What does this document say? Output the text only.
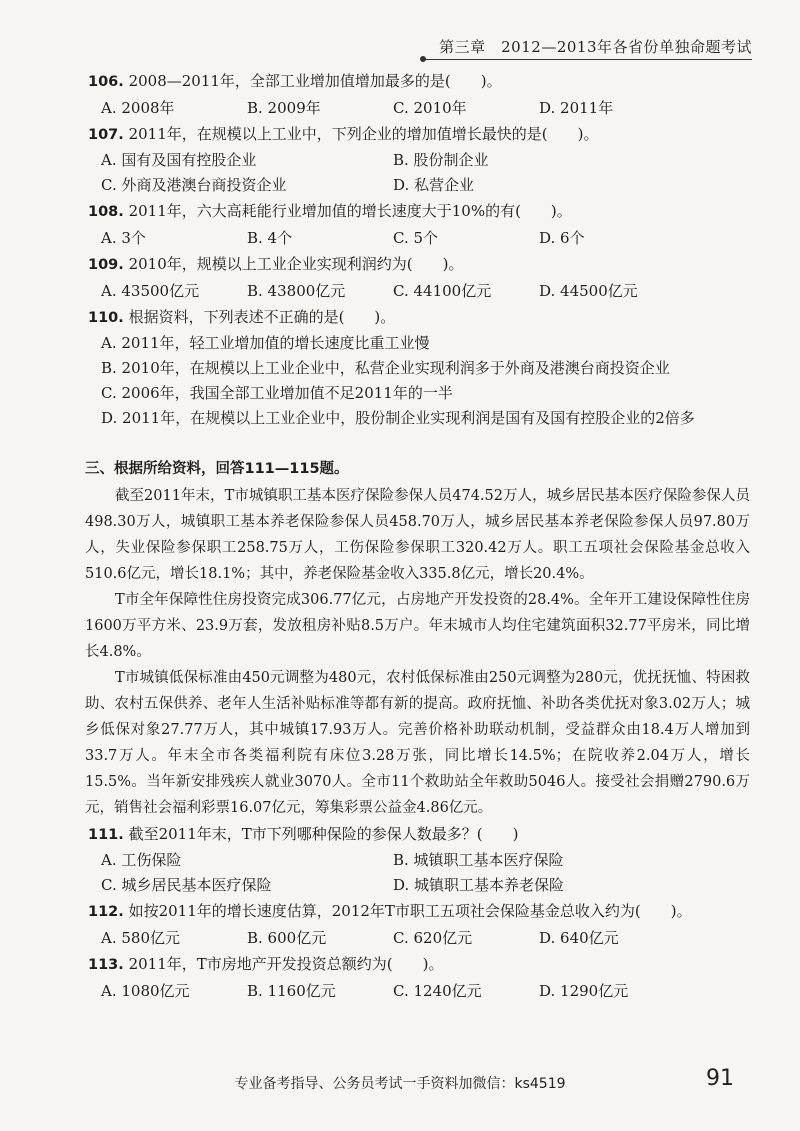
第三章　2012—2013年各省份单独命题考试
106. 2008—2011年，全部工业增加值增加最多的是(　　)。
A. 2008年	B. 2009年	C. 2010年	D. 2011年
107. 2011年，在规模以上工业中，下列企业的增加值增长最快的是(　　)。
A. 国有及国有控股企业	B. 股份制企业
C. 外商及港澳台商投资企业	D. 私营企业
108. 2011年，六大高耗能行业增加值的增长速度大于10%的有(　　)。
A. 3个	B. 4个	C. 5个	D. 6个
109. 2010年，规模以上工业企业实现利润约为(　　)。
A. 43500亿元	B. 43800亿元	C. 44100亿元	D. 44500亿元
110. 根据资料，下列表述不正确的是(　　)。
A. 2011年，轻工业增加值的增长速度比重工业慢
B. 2010年，在规模以上工业企业中，私营企业实现利润多于外商及港澳台商投资企业
C. 2006年，我国全部工业增加值不足2011年的一半
D. 2011年，在规模以上工业企业中，股份制企业实现利润是国有及国有控股企业的2倍多
三、根据所给资料，回答111—115题。

截至2011年末，T市城镇职工基本医疗保险参保人员474.52万人，城乡居民基本医疗保险参保人员498.30万人，城镇职工基本养老保险参保人员458.70万人，城乡居民基本养老保险参保人员97.80万人，失业保险参保职工258.75万人，工伤保险参保职工320.42万人。职工五项社会保险基金总收入510.6亿元，增长18.1%；其中，养老保险基金收入335.8亿元，增长20.4%。

T市全年保障性住房投资完成306.77亿元，占房地产开发投资的28.4%。全年开工建设保障性住房1600万平方米、23.9万套，发放租房补贴8.5万户。年末城市人均住宅建筑面积32.77平房米，同比增长4.8%。

T市城镇低保标准由450元调整为480元，农村低保标准由250元调整为280元，优抚抚恤、特困救助、农村五保供养、老年人生活补贴标准等都有新的提高。政府抚恤、补助各类优抚对象3.02万人；城乡低保对象27.77万人，其中城镇17.93万人。完善价格补助联动机制，受益群众由18.4万人增加到33.7万人。年末全市各类福利院有床位3.28万张，同比增长14.5%；在院收养2.04万人，增长15.5%。当年新安排残疾人就业3070人。全市11个救助站全年救助5046人。接受社会捐赠2790.6万元，销售社会福利彩票16.07亿元，筹集彩票公益金4.86亿元。

111. 截至2011年末，T市下列哪种保险的参保人数最多？(　　)
A. 工伤保险	B. 城镇职工基本医疗保险
C. 城乡居民基本医疗保险	D. 城镇职工基本养老保险
112. 如按2011年的增长速度估算，2012年T市职工五项社会保险基金总收入约为(　　)。
A. 580亿元	B. 600亿元	C. 620亿元	D. 640亿元
113. 2011年，T市房地产开发投资总额约为(　　)。
A. 1080亿元	B. 1160亿元	C. 1240亿元	D. 1290亿元
专业备考指导、公务员考试一手资料加微信：ks4519	91
